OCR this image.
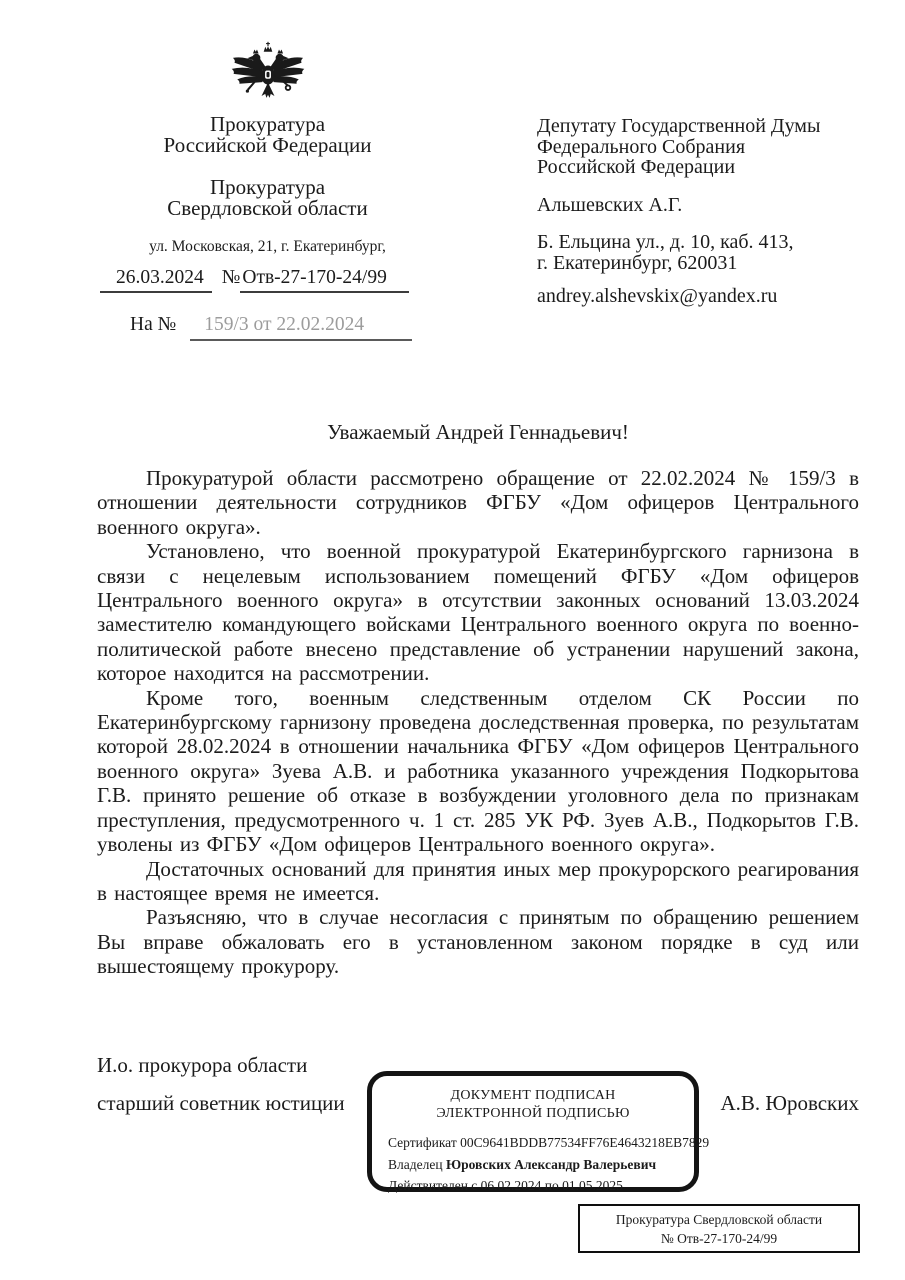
Прокуратура
Российской Федерации
Прокуратура
Свердловской области
ул. Московская, 21, г. Екатеринбург,
26.03.2024 № Отв-27-170-24/99
На №	159/3 от 22.02.2024
Депутату Государственной Думы
Федерального Собрания
Российской Федерации
Альшевских А.Г.
Б. Ельцина ул., д. 10, каб. 413,
г. Екатеринбург, 620031
andrey.alshevskix@yandex.ru
Уважаемый Андрей Геннадьевич!

Прокуратурой области рассмотрено обращение от 22.02.2024 № 159/3 в отношении деятельности сотрудников ФГБУ «Дом офицеров Центрального военного округа».

Установлено, что военной прокуратурой Екатеринбургского гарнизона в связи с нецелевым использованием помещений ФГБУ «Дом офицеров Центрального военного округа» в отсутствии законных оснований 13.03.2024 заместителю командующего войсками Центрального военного округа по военно-политической работе внесено представление об устранении нарушений закона, которое находится на рассмотрении.

Кроме того, военным следственным отделом СК России по Екатеринбургскому гарнизону проведена доследственная проверка, по результатам которой 28.02.2024 в отношении начальника ФГБУ «Дом офицеров Центрального военного округа» Зуева А.В. и работника указанного учреждения Подкорытова Г.В. принято решение об отказе в возбуждении уголовного дела по признакам преступления, предусмотренного ч. 1 ст. 285 УК РФ. Зуев А.В., Подкорытов Г.В. уволены из ФГБУ «Дом офицеров Центрального военного округа».

Достаточных оснований для принятия иных мер прокурорского реагирования в настоящее время не имеется.

Разъясняю, что в случае несогласия с принятым по обращению решением Вы вправе обжаловать его в установленном законом порядке в суд или вышестоящему прокурору.

И.о. прокурора области
старший советник юстиции	А.В. Юровских
ДОКУМЕНТ ПОДПИСАН
ЭЛЕКТРОННОЙ ПОДПИСЬЮ
Сертификат 00C9641BDDB77534FF76E4643218EB7829
Владелец Юровских Александр Валерьевич
Действителен с 06.02.2024 по 01.05.2025
Прокуратура Свердловской области
№ Отв-27-170-24/99
